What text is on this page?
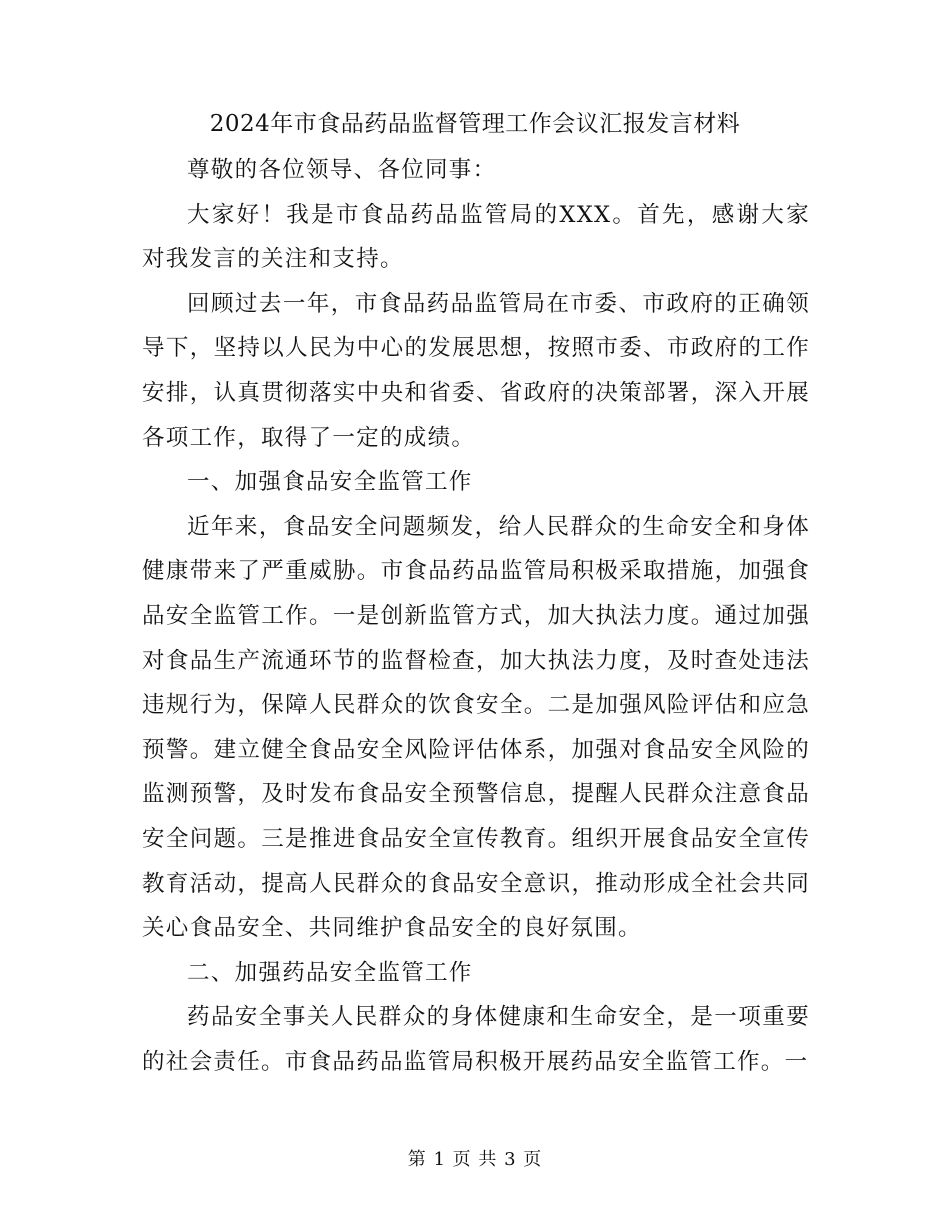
2024年市食品药品监督管理工作会议汇报发言材料

尊敬的各位领导、各位同事：

大家好！我是市食品药品监管局的XXX。首先，感谢大家对我发言的关注和支持。

回顾过去一年，市食品药品监管局在市委、市政府的正确领导下，坚持以人民为中心的发展思想，按照市委、市政府的工作安排，认真贯彻落实中央和省委、省政府的决策部署，深入开展各项工作，取得了一定的成绩。

一、加强食品安全监管工作

近年来，食品安全问题频发，给人民群众的生命安全和身体健康带来了严重威胁。市食品药品监管局积极采取措施，加强食品安全监管工作。一是创新监管方式，加大执法力度。通过加强对食品生产流通环节的监督检查，加大执法力度，及时查处违法违规行为，保障人民群众的饮食安全。二是加强风险评估和应急预警。建立健全食品安全风险评估体系，加强对食品安全风险的监测预警，及时发布食品安全预警信息，提醒人民群众注意食品安全问题。三是推进食品安全宣传教育。组织开展食品安全宣传教育活动，提高人民群众的食品安全意识，推动形成全社会共同关心食品安全、共同维护食品安全的良好氛围。

二、加强药品安全监管工作

药品安全事关人民群众的身体健康和生命安全，是一项重要的社会责任。市食品药品监管局积极开展药品安全监管工作。一

第 1 页 共 3 页
